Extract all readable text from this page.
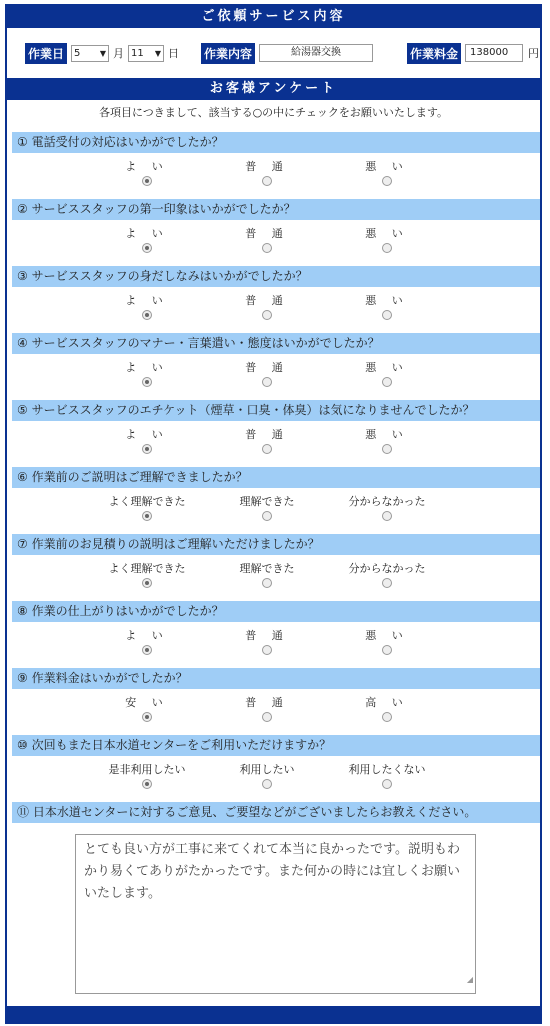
ご依頼サービス内容
作業日	5 ▼ 月 11 ▼ 日 作業内容	給湯器交換	作業料金	138000	円
お客様アンケート
各項目につきまして、該当する○の中にチェックをお願いいたします。
① 電話受付の対応はいかがでしたか？
よ い	普 通	悪 い
② サービススタッフの第一印象はいかがでしたか？
よ い	普 通	悪 い
③ サービススタッフの身だしなみはいかがでしたか？
よ い	普 通	悪 い
④ サービススタッフのマナー・言葉遣い・態度はいかがでしたか？
よ い	普 通	悪 い
⑤ サービススタッフのエチケット（煙草・口臭・体臭）は気になりませんでしたか？
よ い	普 通	悪 い
⑥ 作業前のご説明はご理解できましたか？
よく理解できた	理解できた	分からなかった
⑦ 作業前のお見積りの説明はご理解いただけましたか？
よく理解できた	理解できた	分からなかった
⑧ 作業の仕上がりはいかがでしたか？
よ い	普 通	悪 い
⑨ 作業料金はいかがでしたか？
安 い	普 通	高 い
⑩ 次回もまた日本水道センターをご利用いただけますか？
是非利用したい	利用したい	利用したくない
⑪ 日本水道センターに対するご意見、ご要望などがございましたらお教えください。
とても良い方が工事に来てくれて本当に良かったです。説明もわかり易くてありがたかったです。また何かの時には宜しくお願いいたします。
◢
